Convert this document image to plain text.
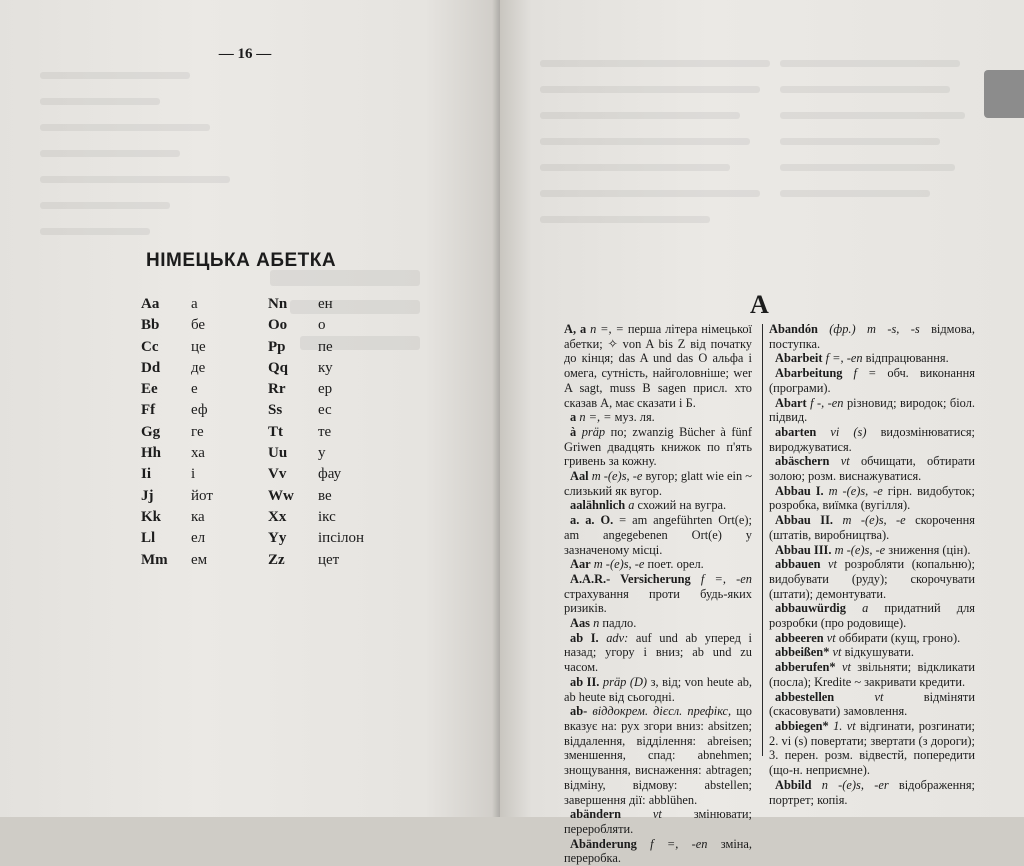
— 16 —
НІМЕЦЬКА АБЕТКА
Aa а	Nn ен
Bb бе	Oo о
Cc це	Pp пе
Dd де	Qq ку
Ee е	Rr ер
Ff еф	Ss ес
Gg ге	Tt те
Hh ха	Uu у
Ii	і	Vv фау
Jj	йот	Ww ве
Kk ка	Xx ікс
Ll ел	Yy іпсілон
Mm ем	Zz цет
A
A, a n =, = перша літера німецької абетки; ✧ von A bis Z від початку до кінця; das A und das O альфа і омега, сутність, найголовніше; wer A sagt, muss B sagen присл. хто сказав А, має сказати і Б.
a n =, = муз. ля.
à präp по; zwanzig Bücher à fünf Griwen двадцять книжок по п'ять гривень за кожну.
Aal m -(e)s, -e вугор; glatt wie ein ~ слизький як вугор.
aalähnlich a схожий на вугра.
a. a. O. = am angeführten Ort(e); am angegebenen Ort(e) у зазначеному місці.
Aar m -(e)s, -e поет. орел.
A.A.R.- Versicherung f =, -en страхування проти будь-яких ризиків.
Aas n падло.
ab I. adv: auf und ab уперед і назад; угору і вниз; ab und zu часом.
ab II. präp (D) з, від; von heute ab, ab heute від сьогодні.
ab- віддокрем. дієсл. префікс, що вказує на: рух згори вниз: absitzen; віддалення, відділення: abreisen; зменшення, спад: abnehmen; знощування, виснаження: abtragen; відміну, відмову: abstellen; завершення дії: abblühen.
abändern	vt	змінювати; переробляти.
Abänderung f =, -en зміна, переробка.
Abandón (фр.) m -s, -s відмова, поступка.
Abarbeit f =, -en відпрацювання.
Abarbeitung f = обч. виконання (програми).
Abart f -, -en різновид; виродок; біол. підвид.
abarten vi (s) видозмінюватися; вироджуватися.
abäschern vt обчищати, обтирати золою; розм. виснажуватися.
Abbau I. m -(e)s, -e гірн. видобуток; розробка, виїмка (вугілля).
Abbau II. m -(e)s, -e скорочення (штатів, виробництва).
Abbau III. m -(e)s, -e зниження (цін).
abbauen vt розробляти (копальню); видобувати (руду); скорочувати (штати); демонтувати.
abbauwürdig a придатний для розробки (про родовище).
abbeeren vt оббирати (кущ, гроно).
abbeißen* vt відкушувати.
abberufen* vt звільняти; відкликати (посла); Kredite ~ закривати кредити.
abbestellen	vt	відміняти (скасовувати) замовлення.
abbiegen* 1. vt відгинати, розгинати; 2. vi (s) повертати; звертати (з дороги); 3. перен. розм. відвестй, попередити (що-н. неприємне).
Abbild n -(e)s, -er відображення; портрет; копія.
